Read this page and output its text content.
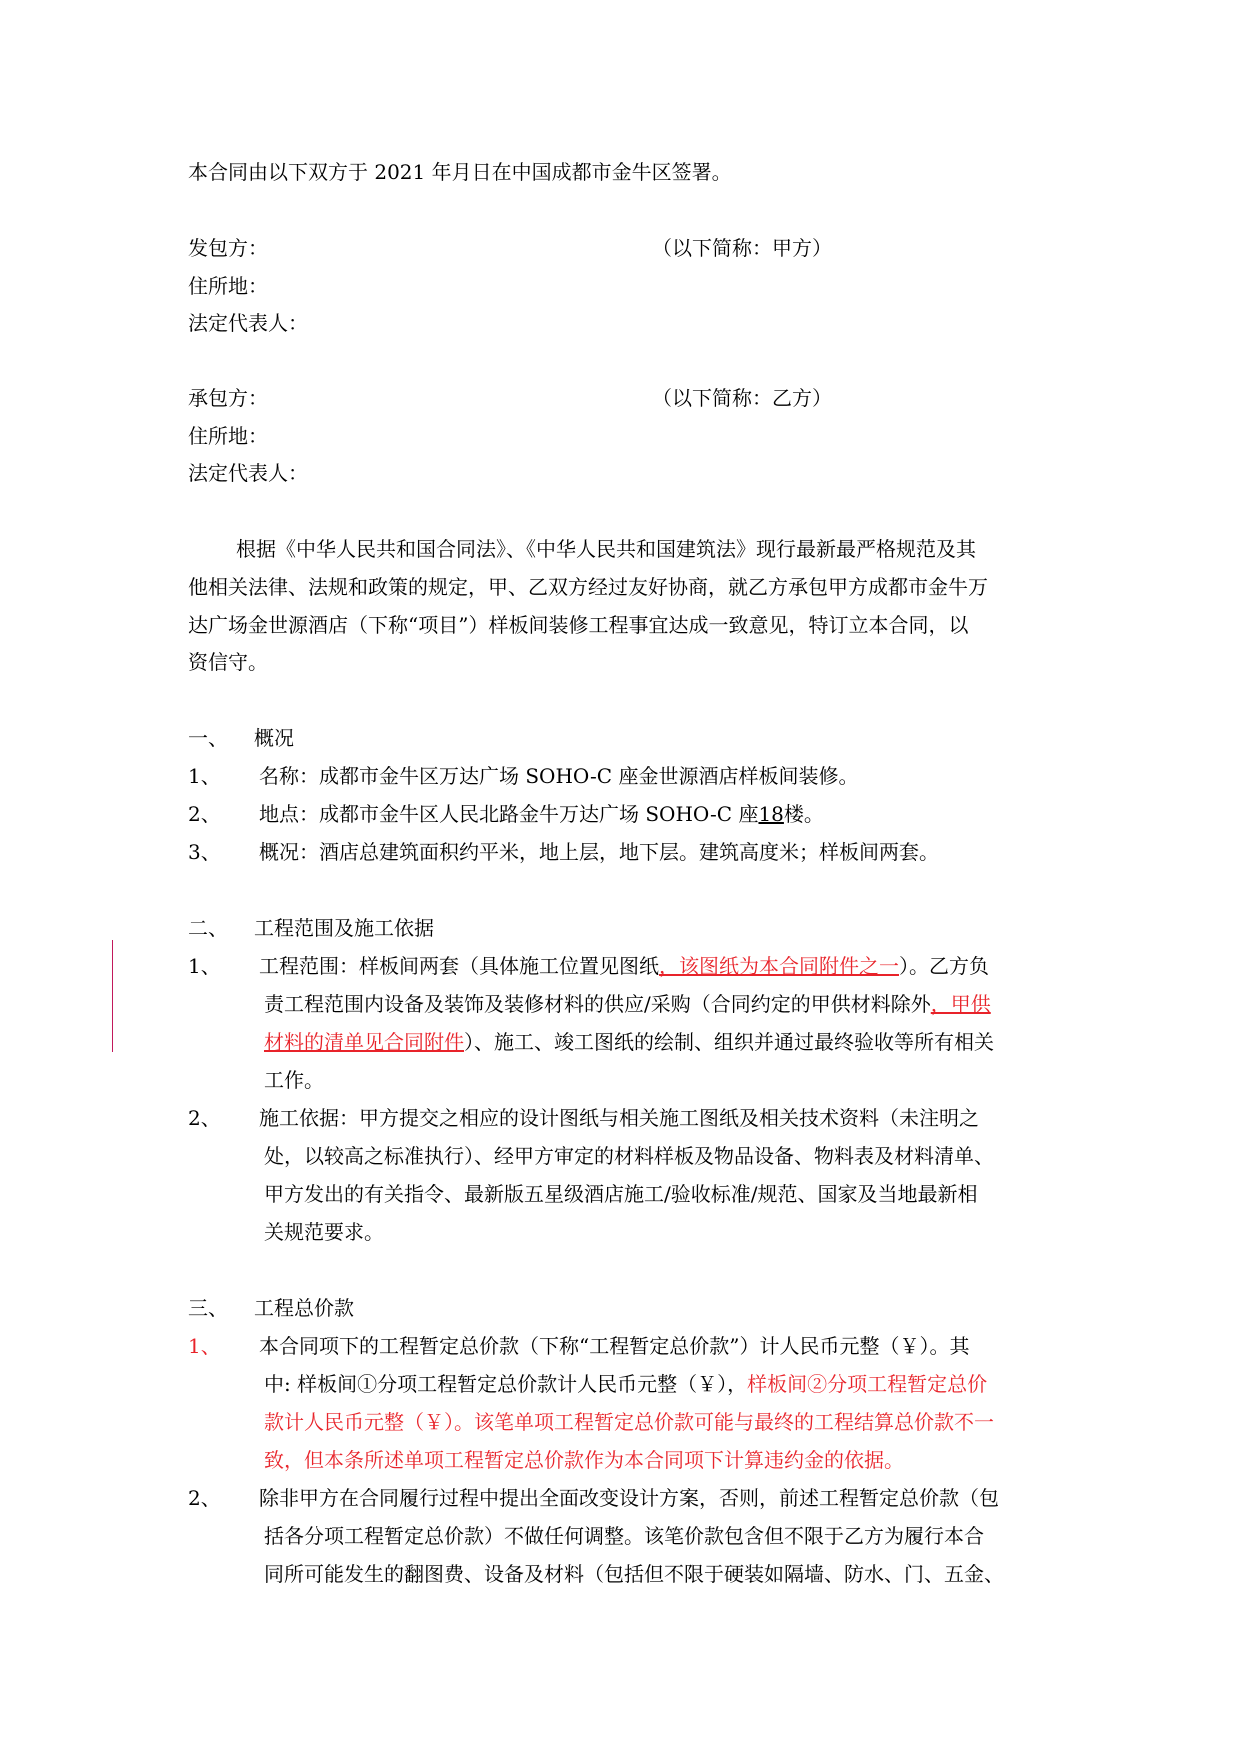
本合同由以下双方于 2021 年月日在中国成都市金牛区签署。
发包方：	（以下简称：甲方）
住所地：
法定代表人：
承包方：	（以下简称：乙方）
住所地：
法定代表人：
根据《中华人民共和国合同法》、《中华人民共和国建筑法》现行最新最严格规范及其
他相关法律、法规和政策的规定，甲、乙双方经过友好协商，就乙方承包甲方成都市金牛万
达广场金世源酒店（下称“项目”）样板间装修工程事宜达成一致意见，特订立本合同，以
资信守。
一、 概况
1、 名称：成都市金牛区万达广场 SOHO-C 座金世源酒店样板间装修。
2、 地点：成都市金牛区人民北路金牛万达广场 SOHO-C 座18楼。
3、 概况：酒店总建筑面积约平米，地上层，地下层。建筑高度米；样板间两套。
二、 工程范围及施工依据
1、 工程范围：样板间两套（具体施工位置见图纸，该图纸为本合同附件之一）。乙方负
责工程范围内设备及装饰及装修材料的供应/采购（合同约定的甲供材料除外，甲供
材料的清单见合同附件）、施工、竣工图纸的绘制、组织并通过最终验收等所有相关
工作。
2、 施工依据：甲方提交之相应的设计图纸与相关施工图纸及相关技术资料（未注明之
处，以较高之标准执行）、经甲方审定的材料样板及物品设备、物料表及材料清单、
甲方发出的有关指令、最新版五星级酒店施工/验收标准/规范、国家及当地最新相
关规范要求。
三、 工程总价款
1、 本合同项下的工程暂定总价款（下称“工程暂定总价款”）计人民币元整（￥）。其
中: 样板间①分项工程暂定总价款计人民币元整（￥），样板间②分项工程暂定总价
款计人民币元整（￥）。该笔单项工程暂定总价款可能与最终的工程结算总价款不一
致，但本条所述单项工程暂定总价款作为本合同项下计算违约金的依据。
2、 除非甲方在合同履行过程中提出全面改变设计方案，否则，前述工程暂定总价款（包
括各分项工程暂定总价款）不做任何调整。该笔价款包含但不限于乙方为履行本合
同所可能发生的翻图费、设备及材料（包括但不限于硬装如隔墙、防水、门、五金、
